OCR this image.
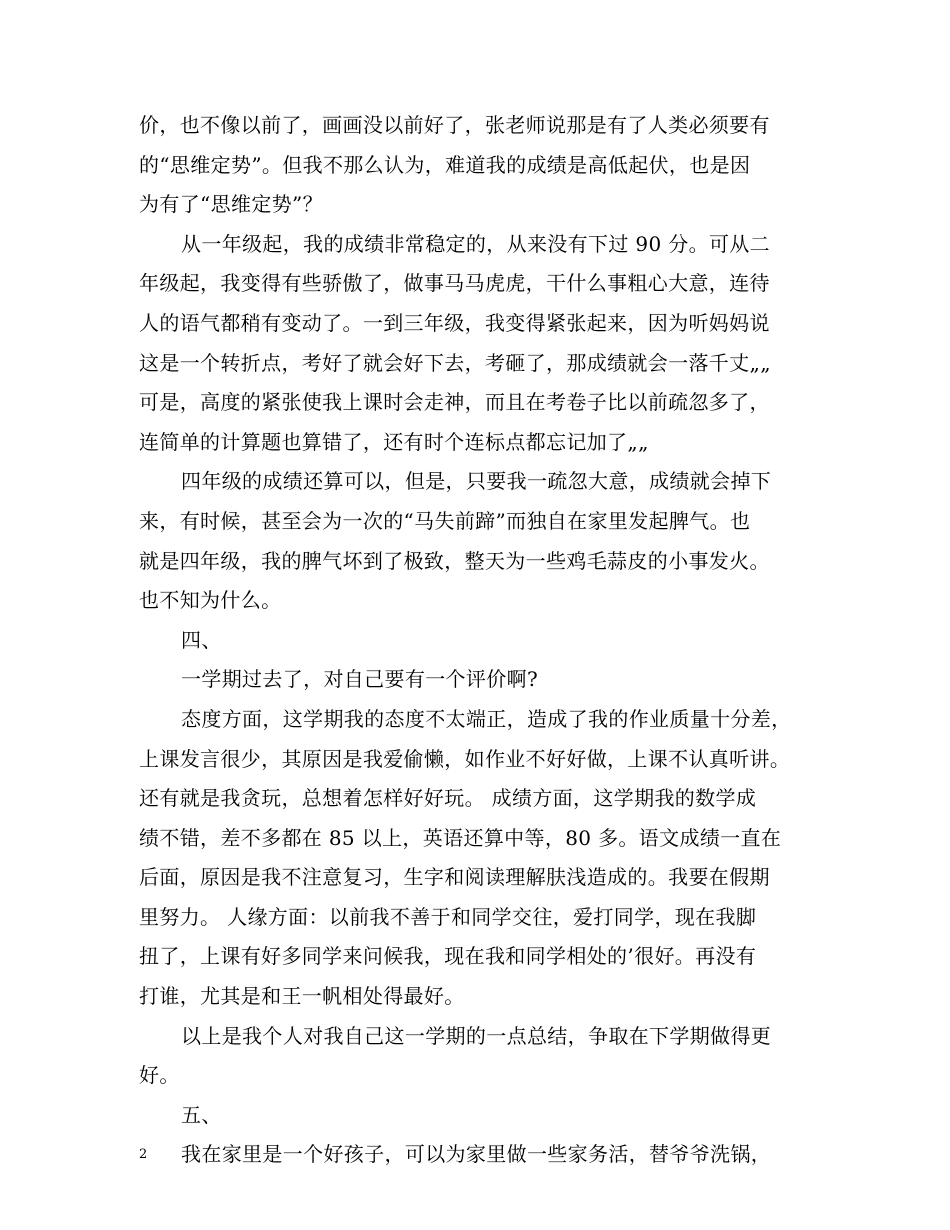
价，也不像以前了，画画没以前好了，张老师说那是有了人类必须要有
的“思维定势”。但我不那么认为，难道我的成绩是高低起伏，也是因
为有了“思维定势”？
从一年级起，我的成绩非常稳定的，从来没有下过 90 分。可从二
年级起，我变得有些骄傲了，做事马马虎虎，干什么事粗心大意，连待
人的语气都稍有变动了。一到三年级，我变得紧张起来，因为听妈妈说
这是一个转折点，考好了就会好下去，考砸了，那成绩就会一落千丈„„
可是，高度的紧张使我上课时会走神，而且在考卷子比以前疏忽多了，
连简单的计算题也算错了，还有时个连标点都忘记加了„„
四年级的成绩还算可以，但是，只要我一疏忽大意，成绩就会掉下
来，有时候，甚至会为一次的“马失前蹄”而独自在家里发起脾气。也
就是四年级，我的脾气坏到了极致，整天为一些鸡毛蒜皮的小事发火。
也不知为什么。
四、
一学期过去了，对自己要有一个评价啊?
态度方面，这学期我的态度不太端正，造成了我的作业质量十分差，
上课发言很少，其原因是我爱偷懒，如作业不好好做，上课不认真听讲。
还有就是我贪玩，总想着怎样好好玩。 成绩方面，这学期我的数学成
绩不错，差不多都在 85 以上，英语还算中等，80 多。语文成绩一直在
后面，原因是我不注意复习，生字和阅读理解肤浅造成的。我要在假期
里努力。 人缘方面：以前我不善于和同学交往，爱打同学，现在我脚
扭了，上课有好多同学来问候我，现在我和同学相处的’很好。再没有
打谁，尤其是和王一帆相处得最好。
以上是我个人对我自己这一学期的一点总结，争取在下学期做得更
好。
五、
我在家里是一个好孩子，可以为家里做一些家务活，替爷爷洗锅，
2
